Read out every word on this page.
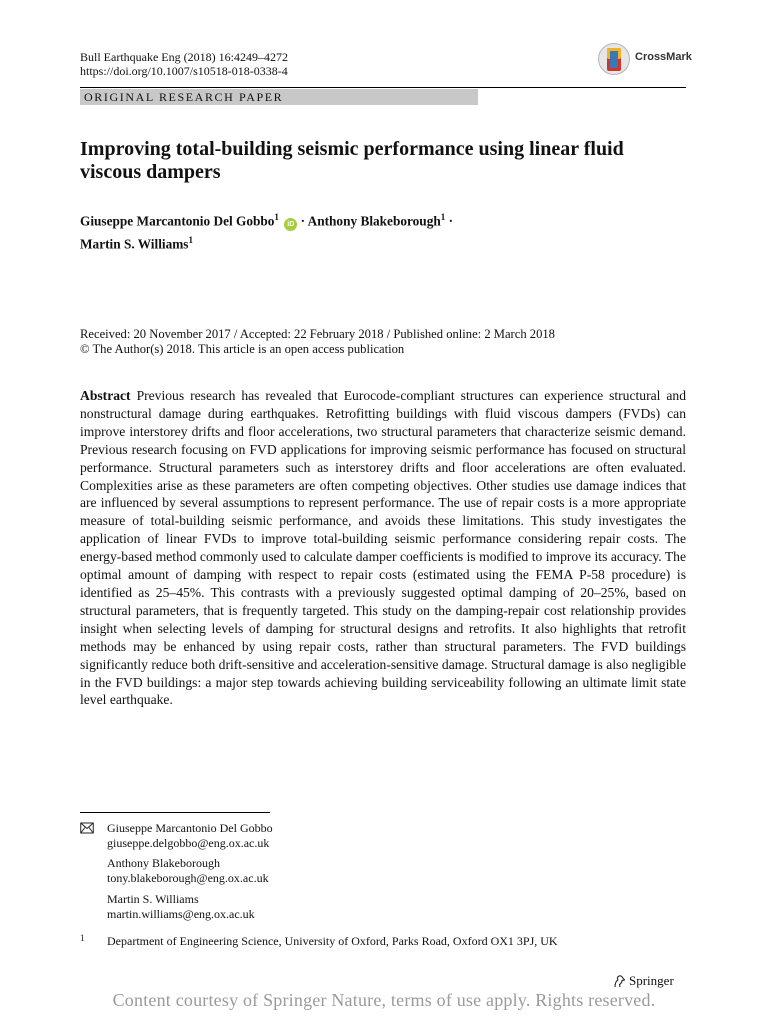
Bull Earthquake Eng (2018) 16:4249–4272
https://doi.org/10.1007/s10518-018-0338-4
CrossMark
ORIGINAL RESEARCH PAPER
Improving total-building seismic performance using linear fluid viscous dampers
Giuseppe Marcantonio Del Gobbo$^1$ iD · Anthony Blakeborough$^1$ ·
Martin S. Williams$^1$
Received: 20 November 2017 / Accepted: 22 February 2018 / Published online: 2 March 2018
© The Author(s) 2018. This article is an open access publication
Abstract Previous research has revealed that Eurocode-compliant structures can experience structural and nonstructural damage during earthquakes. Retrofitting buildings with fluid viscous dampers (FVDs) can improve interstorey drifts and floor accelerations, two structural parameters that characterize seismic demand. Previous research focusing on FVD applications for improving seismic performance has focused on structural performance. Structural parameters such as interstorey drifts and floor accelerations are often evaluated. Complexities arise as these parameters are often competing objectives. Other studies use damage indices that are influenced by several assumptions to represent performance. The use of repair costs is a more appropriate measure of total-building seismic performance, and avoids these limitations. This study investigates the application of linear FVDs to improve total-building seismic performance considering repair costs. The energy-based method commonly used to calculate damper coefficients is modified to improve its accuracy. The optimal amount of damping with respect to repair costs (estimated using the FEMA P-58 procedure) is identified as 25–45%. This contrasts with a previously suggested optimal damping of 20–25%, based on structural parameters, that is frequently targeted. This study on the damping-repair cost relationship provides insight when selecting levels of damping for structural designs and retrofits. It also highlights that retrofit methods may be enhanced by using repair costs, rather than structural parameters. The FVD buildings significantly reduce both drift-sensitive and acceleration-sensitive damage. Structural damage is also negligible in the FVD buildings: a major step towards achieving building serviceability following an ultimate limit state level earthquake.
Giuseppe Marcantonio Del Gobbo
giuseppe.delgobbo@eng.ox.ac.uk
Anthony Blakeborough
tony.blakeborough@eng.ox.ac.uk
Martin S. Williams
martin.williams@eng.ox.ac.uk
1 Department of Engineering Science, University of Oxford, Parks Road, Oxford OX1 3PJ, UK
Springer
Content courtesy of Springer Nature, terms of use apply. Rights reserved.
